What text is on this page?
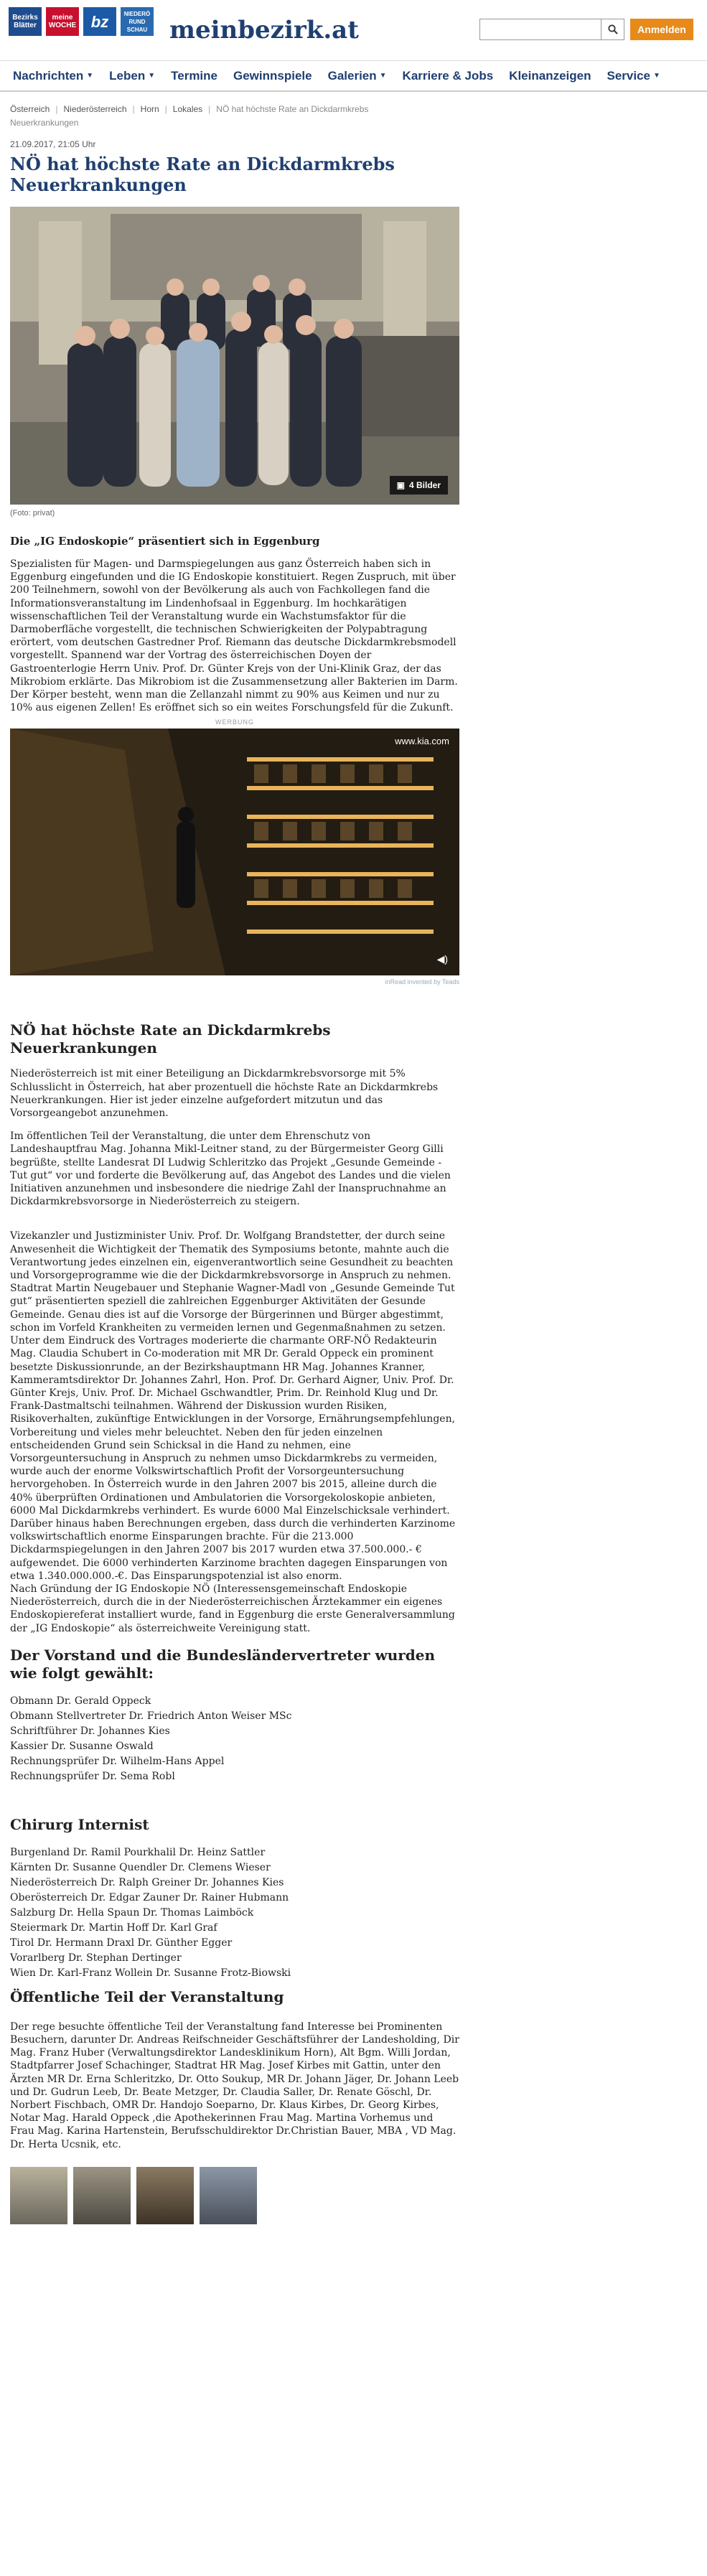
Bezirks Blätter
meine WOCHE bz	NIEDERÖ RUND SCHAU meinbezirk.at	Anmelden
Nachrichten ▼ Leben ▼ Termine Gewinnspiele Galerien ▼ Karriere & Jobs Kleinanzeigen Service ▼
Österreich | Niederösterreich | Horn | Lokales | NÖ hat höchste Rate an Dickdarmkrebs
Neuerkrankungen
21.09.2017, 21:05 Uhr
NÖ hat höchste Rate an Dickdarmkrebs Neuerkrankungen
▣ 4 Bilder
(Foto: privat)
Die „IG Endoskopie“ präsentiert sich in Eggenburg

Spezialisten für Magen- und Darmspiegelungen aus ganz Österreich haben sich in Eggenburg eingefunden und die IG Endoskopie konstituiert. Regen Zuspruch, mit über 200 Teilnehmern, sowohl von der Bevölkerung als auch von Fachkollegen fand die Informationsveranstaltung im Lindenhofsaal in Eggenburg. Im hochkarätigen wissenschaftlichen Teil der Veranstaltung wurde ein Wachstumsfaktor für die Darmoberfläche vorgestellt, die technischen Schwierigkeiten der Polypabtragung erörtert, vom deutschen Gastredner Prof. Riemann das deutsche Dickdarmkrebsmodell vorgestellt. Spannend war der Vortrag des österreichischen Doyen der Gastroenterlogie Herrn Univ. Prof. Dr. Günter Krejs von der Uni-Klinik Graz, der das Mikrobiom erklärte. Das Mikrobiom ist die Zusammensetzung aller Bakterien im Darm. Der Körper besteht, wenn man die Zellanzahl nimmt zu 90% aus Keimen und nur zu 10% aus eigenen Zellen! Es eröffnet sich so ein weites Forschungsfeld für die Zukunft.

WERBUNG
www.kia.com
◀)
inRead invented by Teads
NÖ hat höchste Rate an Dickdarmkrebs Neuerkrankungen

Niederösterreich ist mit einer Beteiligung an Dickdarmkrebsvorsorge mit 5% Schlusslicht in Österreich, hat aber prozentuell die höchste Rate an Dickdarmkrebs Neuerkrankungen. Hier ist jeder einzelne aufgefordert mitzutun und das Vorsorgeangebot anzunehmen.

Im öffentlichen Teil der Veranstaltung, die unter dem Ehrenschutz von Landeshauptfrau Mag. Johanna Mikl-Leitner stand, zu der Bürgermeister Georg Gilli begrüßte, stellte Landesrat DI Ludwig Schleritzko das Projekt „Gesunde Gemeinde - Tut gut“ vor und forderte die Bevölkerung auf, das Angebot des Landes und die vielen Initiativen anzunehmen und insbesondere die niedrige Zahl der Inanspruchnahme an Dickdarmkrebsvorsorge in Niederösterreich zu steigern.

Vizekanzler und Justizminister Univ. Prof. Dr. Wolfgang Brandstetter, der durch seine Anwesenheit die Wichtigkeit der Thematik des Symposiums betonte, mahnte auch die Verantwortung jedes einzelnen ein, eigenverantwortlich seine Gesundheit zu beachten und Vorsorgeprogramme wie die der Dickdarmkrebsvorsorge in Anspruch zu nehmen.

Stadtrat Martin Neugebauer und Stephanie Wagner-Madl von „Gesunde Gemeinde Tut gut“ präsentierten speziell die zahlreichen Eggenburger Aktivitäten der Gesunde Gemeinde. Genau dies ist auf die Vorsorge der Bürgerinnen und Bürger abgestimmt, schon im Vorfeld Krankheiten zu vermeiden lernen und Gegenmaßnahmen zu setzen.

Unter dem Eindruck des Vortrages moderierte die charmante ORF-NÖ Redakteurin Mag. Claudia Schubert in Co-moderation mit MR Dr. Gerald Oppeck ein prominent besetzte Diskussionrunde, an der Bezirkshauptmann HR Mag. Johannes Kranner, Kammeramtsdirektor Dr. Johannes Zahrl, Hon. Prof. Dr. Gerhard Aigner, Univ. Prof. Dr. Günter Krejs, Univ. Prof. Dr. Michael Gschwandtler, Prim. Dr. Reinhold Klug und Dr. Frank-Dastmaltschi teilnahmen. Während der Diskussion wurden Risiken, Risikoverhalten, zukünftige Entwicklungen in der Vorsorge, Ernährungsempfehlungen, Vorbereitung und vieles mehr beleuchtet. Neben den für jeden einzelnen entscheidenden Grund sein Schicksal in die Hand zu nehmen, eine Vorsorgeuntersuchung in Anspruch zu nehmen umso Dickdarmkrebs zu vermeiden, wurde auch der enorme Volkswirtschaftlich Profit der Vorsorgeuntersuchung hervorgehoben. In Österreich wurde in den Jahren 2007 bis 2015, alleine durch die 40% überprüften Ordinationen und Ambulatorien die Vorsorgekoloskopie anbieten, 6000 Mal Dickdarmkrebs verhindert. Es wurde 6000 Mal Einzelschicksale verhindert. Darüber hinaus haben Berechnungen ergeben, dass durch die verhinderten Karzinome volkswirtschaftlich enorme Einsparungen brachte. Für die 213.000 Dickdarmspiegelungen in den Jahren 2007 bis 2017 wurden etwa 37.500.000.- € aufgewendet. Die 6000 verhinderten Karzinome brachten dagegen Einsparungen von etwa 1.340.000.000.-€. Das Einsparungspotenzial ist also enorm.

Nach Gründung der IG Endoskopie NÖ (Interessensgemeinschaft Endoskopie Niederösterreich, durch die in der Niederösterreichischen Ärztekammer ein eigenes Endoskopiereferat installiert wurde, fand in Eggenburg die erste Generalversammlung der „IG Endoskopie“ als österreichweite Vereinigung statt.

Der Vorstand und die Bundesländervertreter wurden wie folgt gewählt:
Obmann Dr. Gerald Oppeck
Obmann Stellvertreter Dr. Friedrich Anton Weiser MSc
Schriftführer Dr. Johannes Kies
Kassier Dr. Susanne Oswald
Rechnungsprüfer Dr. Wilhelm-Hans Appel
Rechnungsprüfer Dr. Sema Robl
Chirurg Internist
Burgenland Dr. Ramil Pourkhalil Dr. Heinz Sattler
Kärnten Dr. Susanne Quendler Dr. Clemens Wieser
Niederösterreich Dr. Ralph Greiner Dr. Johannes Kies
Oberösterreich Dr. Edgar Zauner Dr. Rainer Hubmann
Salzburg Dr. Hella Spaun Dr. Thomas Laimböck
Steiermark Dr. Martin Hoff Dr. Karl Graf
Tirol Dr. Hermann Draxl Dr. Günther Egger
Vorarlberg Dr. Stephan Dertinger
Wien Dr. Karl-Franz Wollein Dr. Susanne Frotz-Biowski
Öffentliche Teil der Veranstaltung

Der rege besuchte öffentliche Teil der Veranstaltung fand Interesse bei Prominenten Besuchern, darunter Dr. Andreas Reifschneider Geschäftsführer der Landesholding, Dir Mag. Franz Huber (Verwaltungsdirektor Landesklinikum Horn), Alt Bgm. Willi Jordan, Stadtpfarrer Josef Schachinger, Stadtrat HR Mag. Josef Kirbes mit Gattin, unter den Ärzten MR Dr. Erna Schleritzko, Dr. Otto Soukup, MR Dr. Johann Jäger, Dr. Johann Leeb und Dr. Gudrun Leeb, Dr. Beate Metzger, Dr. Claudia Saller, Dr. Renate Göschl, Dr. Norbert Fischbach, OMR Dr. Handojo Soeparno, Dr. Klaus Kirbes, Dr. Georg Kirbes, Notar Mag. Harald Oppeck ,die Apothekerinnen Frau Mag. Martina Vorhemus und Frau Mag. Karina Hartenstein, Berufsschuldirektor Dr.Christian Bauer, MBA , VD Mag. Dr. Herta Ucsnik, etc.
